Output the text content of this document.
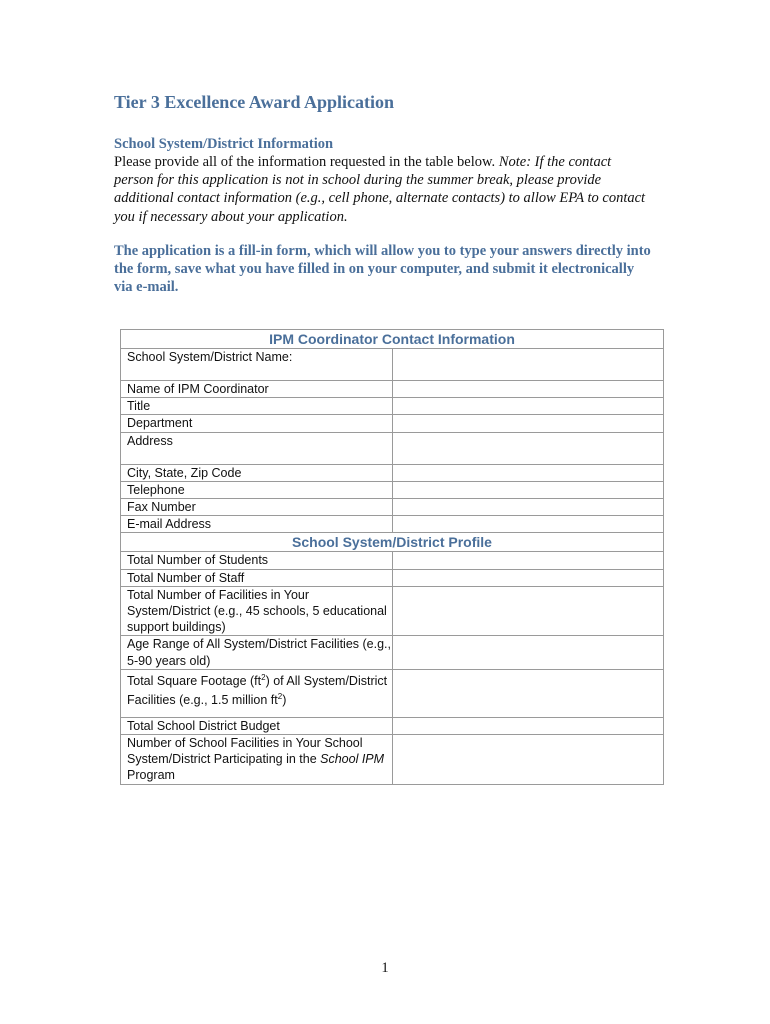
Tier 3 Excellence Award Application

School System/District Information

Please provide all of the information requested in the table below. Note: If the contact person for this application is not in school during the summer break, please provide additional contact information (e.g., cell phone, alternate contacts) to allow EPA to contact you if necessary about your application.

The application is a fill-in form, which will allow you to type your answers directly into the form, save what you have filled in on your computer, and submit it electronically via e-mail.

IPM Coordinator Contact Information	
School System/District Name:	
Name of IPM Coordinator	
Title	
Department	
Address	
City, State, Zip Code	
Telephone	
Fax Number	
E-mail Address	
School System/District Profile	
Total Number of Students	
Total Number of Staff	
Total Number of Facilities in Your System/District (e.g., 45 schools, 5 educational support buildings)	
Age Range of All System/District Facilities (e.g., 5-90 years old)	
Total Square Footage $(ft^2)$ of All System/District Facilities (e.g., 1.5 million $ft^2$)	
Total School District Budget	
Number of School Facilities in Your School System/District Participating in the School IPM Program	
1
